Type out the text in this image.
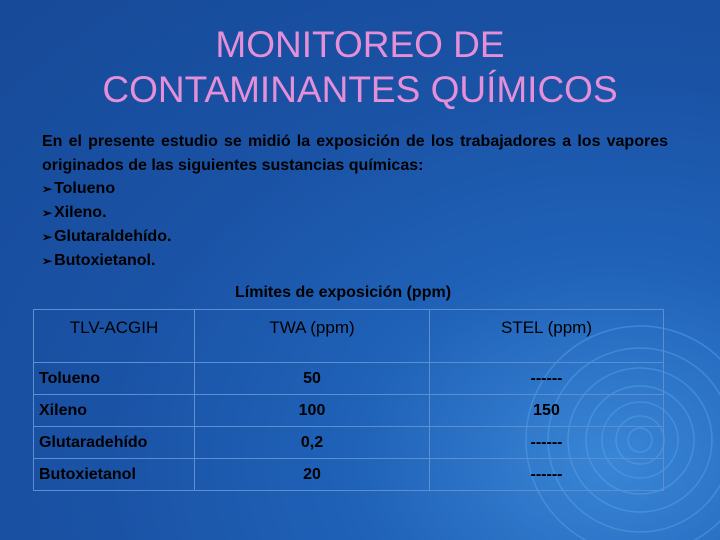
MONITOREO DE
CONTAMINANTES QUÍMICOS
En el presente estudio se midió la exposición de los trabajadores a los vapores originados de las siguientes sustancias químicas:
➢ Tolueno
➢ Xileno.
➢ Glutaraldehído.
➢ Butoxietanol.
Límites de exposición (ppm)
TLV-ACGIH	TWA (ppm)	STEL (ppm)
Tolueno	50	------
Xileno	100	150
Glutaradehído	0,2	------
Butoxietanol	20	------
